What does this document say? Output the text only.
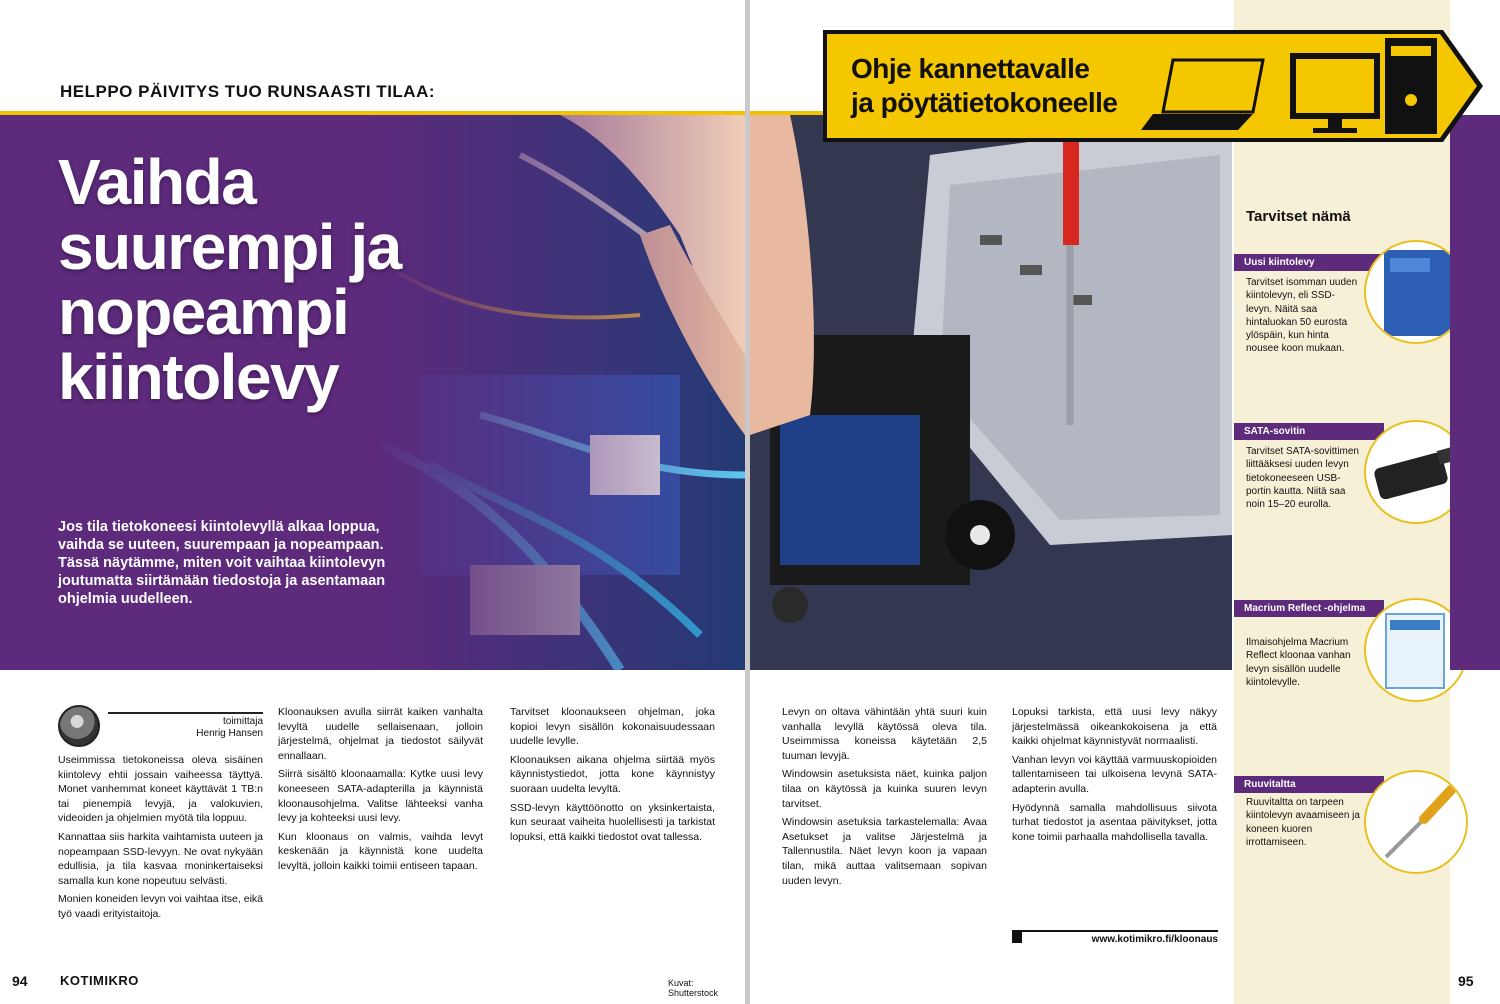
HELPPO PÄIVITYS TUO RUNSAASTI TILAA:
Vaihda suurempi ja nopeampi kiintolevy
Jos tila tietokoneesi kiintolevyllä alkaa loppua, vaihda se uuteen, suurempaan ja nopeampaan. Tässä näytämme, miten voit vaihtaa kiintolevyn joutumatta siirtämään tiedostoja ja asentamaan ohjelmia uudelleen.
toimittaja
Henrig Hansen

Useimmissa tietokoneissa oleva sisäinen kiintolevy ehtii jossain vaiheessa täyttyä. Monet vanhemmat koneet käyttävät 1 TB:n tai pienempiä levyjä, ja valokuvien, videoiden ja ohjelmien myötä tila loppuu.

Kannattaa siis harkita vaihtamista uuteen ja nopeampaan SSD-levyyn. Ne ovat nykyään edullisia, ja tila kasvaa moninkertaiseksi samalla kun kone nopeutuu selvästi.

Monien koneiden levyn voi vaihtaa itse, eikä työ vaadi erityistaitoja.

Kloonauksen avulla siirrät kaiken vanhalta levyltä uudelle sellaisenaan, jolloin järjestelmä, ohjelmat ja tiedostot säilyvät ennallaan.

Siirrä sisältö kloonaamalla: Kytke uusi levy koneeseen SATA-adapterilla ja käynnistä kloonausohjelma. Valitse lähteeksi vanha levy ja kohteeksi uusi levy.

Kun kloonaus on valmis, vaihda levyt keskenään ja käynnistä kone uudelta levyltä, jolloin kaikki toimii entiseen tapaan.

Tarvitset kloonaukseen ohjelman, joka kopioi levyn sisällön kokonaisuudessaan uudelle levylle.

Kloonauksen aikana ohjelma siirtää myös käynnistystiedot, jotta kone käynnistyy suoraan uudelta levyltä.

SSD-levyn käyttöönotto on yksinkertaista, kun seuraat vaiheita huolellisesti ja tarkistat lopuksi, että kaikki tiedostot ovat tallessa.

94 KOTIMIKRO	Kuvat: Shutterstock
Tarvitset nämä
Uusi kiintolevy
Tarvitset isomman uuden kiintolevyn, eli SSD-levyn. Näitä saa hintaluokan 50 eurosta ylöspäin, kun hinta nousee koon mukaan.
SATA-sovitin
Tarvitset SATA-sovittimen liittääksesi uuden levyn tietokoneeseen USB-portin kautta. Niitä saa noin 15–20 eurolla.
Macrium Reflect -ohjelma
Ilmaisohjelma Macrium Reflect kloonaa vanhan levyn sisällön uudelle kiintolevylle.
Ruuvitaltta
Ruuvitaltta on tarpeen kiintolevyn avaamiseen ja koneen kuoren irrottamiseen.
Ohje kannettavalle
ja pöytätietokoneelle

Levyn on oltava vähintään yhtä suuri kuin vanhalla levyllä käytössä oleva tila. Useimmissa koneissa käytetään 2,5 tuuman levyjä.

Windowsin asetuksista näet, kuinka paljon tilaa on käytössä ja kuinka suuren levyn tarvitset.

Windowsin asetuksia tarkastelemalla: Avaa Asetukset ja valitse Järjestelmä ja Tallennustila. Näet levyn koon ja vapaan tilan, mikä auttaa valitsemaan sopivan uuden levyn.

Lopuksi tarkista, että uusi levy näkyy järjestelmässä oikeankokoisena ja että kaikki ohjelmat käynnistyvät normaalisti.

Vanhan levyn voi käyttää varmuuskopioiden tallentamiseen tai ulkoisena levynä SATA-adapterin avulla.

Hyödynnä samalla mahdollisuus siivota turhat tiedostot ja asentaa päivitykset, jotta kone toimii parhaalla mahdollisella tavalla.

www.kotimikro.fi/kloonaus
95
